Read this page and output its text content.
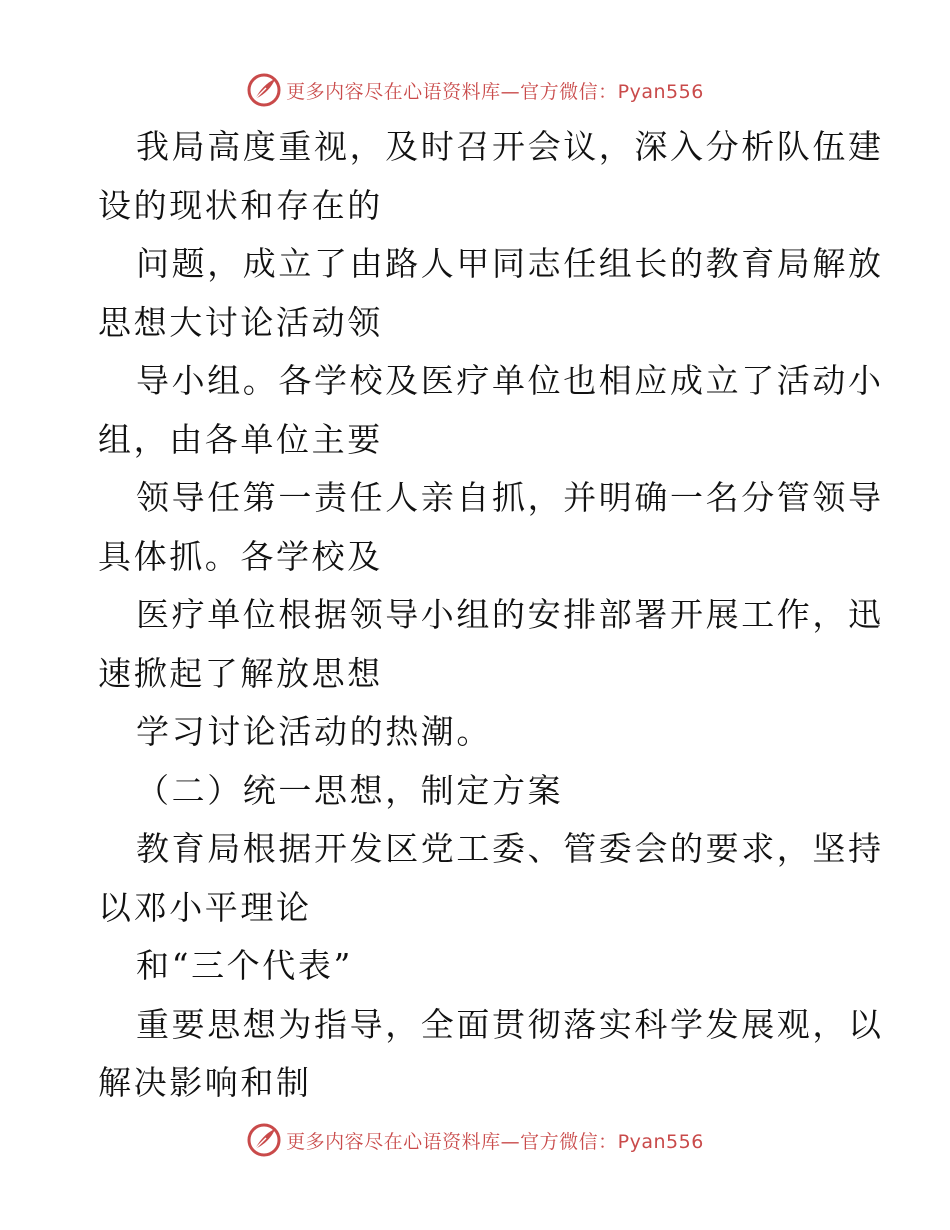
更多内容尽在心语资料库—官方微信：Pyan556
我局高度重视，及时召开会议，深入分析队伍建
设的现状和存在的
问题，成立了由路人甲同志任组长的教育局解放
思想大讨论活动领
导小组。各学校及医疗单位也相应成立了活动小
组，由各单位主要
领导任第一责任人亲自抓，并明确一名分管领导
具体抓。各学校及
医疗单位根据领导小组的安排部署开展工作，迅
速掀起了解放思想
学习讨论活动的热潮。
（二）统一思想，制定方案
教育局根据开发区党工委、管委会的要求，坚持
以邓小平理论
和“三个代表”
重要思想为指导，全面贯彻落实科学发展观，以
解决影响和制
更多内容尽在心语资料库—官方微信：Pyan556
